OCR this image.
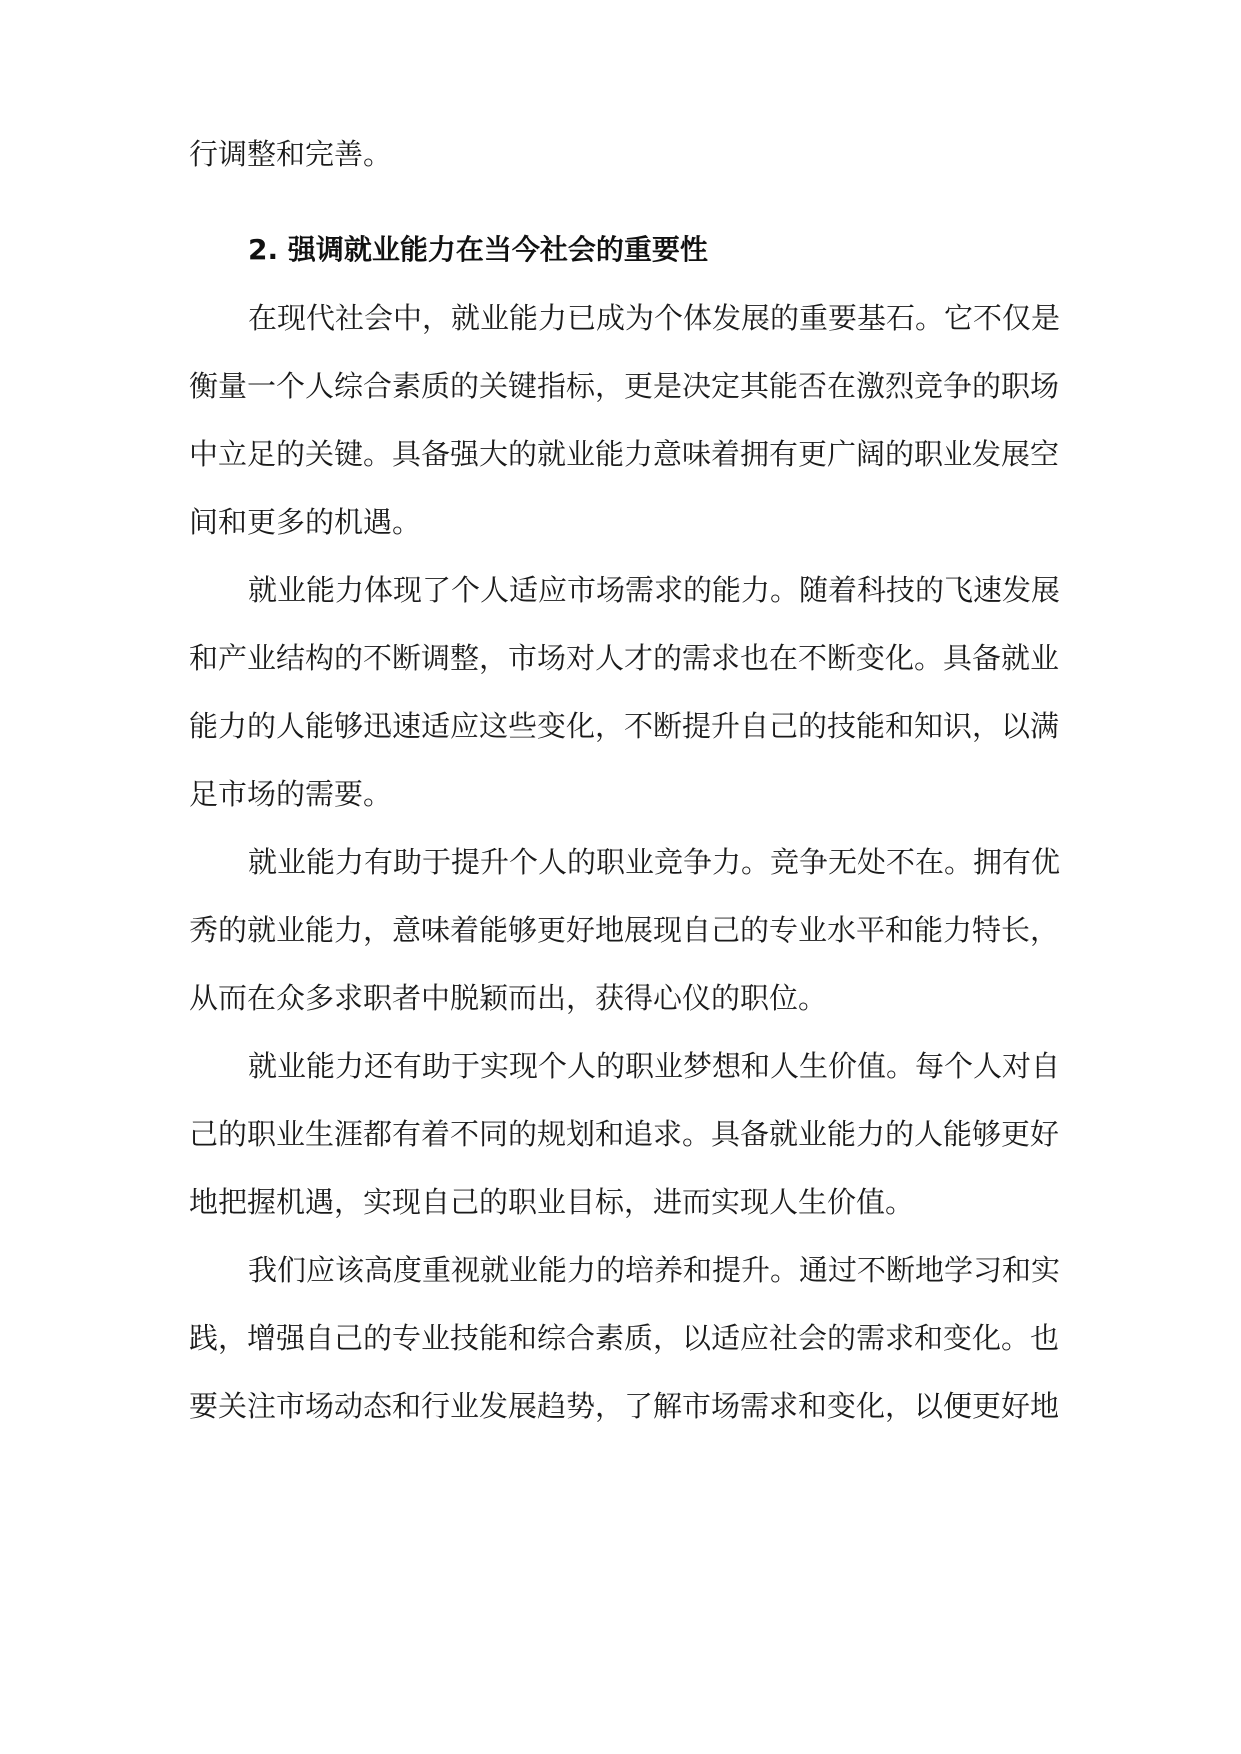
行调整和完善。
2. 强调就业能力在当今社会的重要性
在现代社会中，就业能力已成为个体发展的重要基石。它不仅是
衡量一个人综合素质的关键指标，更是决定其能否在激烈竞争的职场
中立足的关键。具备强大的就业能力意味着拥有更广阔的职业发展空
间和更多的机遇。
就业能力体现了个人适应市场需求的能力。随着科技的飞速发展
和产业结构的不断调整，市场对人才的需求也在不断变化。具备就业
能力的人能够迅速适应这些变化，不断提升自己的技能和知识，以满
足市场的需要。
就业能力有助于提升个人的职业竞争力。竞争无处不在。拥有优
秀的就业能力，意味着能够更好地展现自己的专业水平和能力特长，
从而在众多求职者中脱颖而出，获得心仪的职位。
就业能力还有助于实现个人的职业梦想和人生价值。每个人对自
己的职业生涯都有着不同的规划和追求。具备就业能力的人能够更好
地把握机遇，实现自己的职业目标，进而实现人生价值。
我们应该高度重视就业能力的培养和提升。通过不断地学习和实
践，增强自己的专业技能和综合素质，以适应社会的需求和变化。也
要关注市场动态和行业发展趋势，了解市场需求和变化，以便更好地
